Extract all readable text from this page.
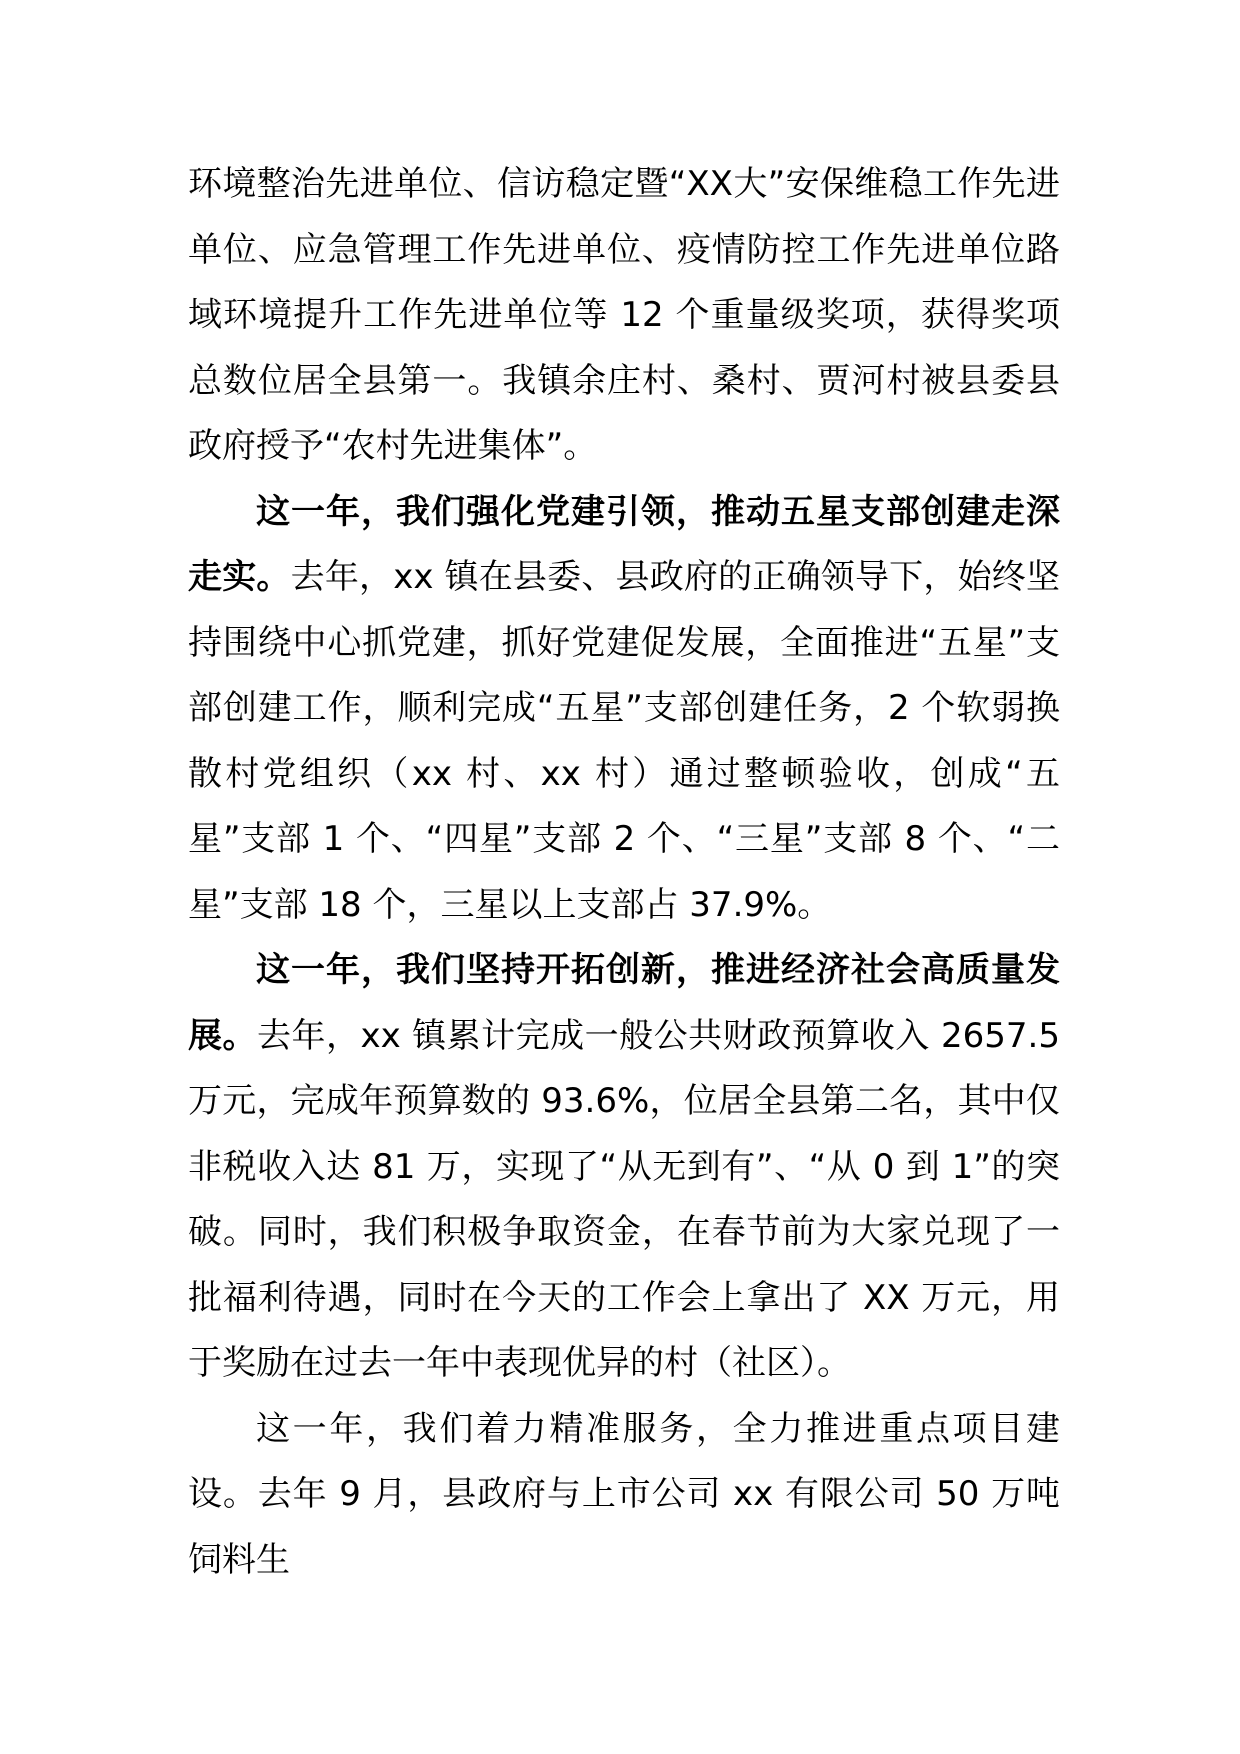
环境整治先进单位、信访稳定暨“XX大”安保维稳工作先进单位、应急管理工作先进单位、疫情防控工作先进单位路域环境提升工作先进单位等 12 个重量级奖项，获得奖项总数位居全县第一。我镇余庄村、桑村、贾河村被县委县政府授予“农村先进集体”。

这一年，我们强化党建引领，推动五星支部创建走深走实。去年，xx 镇在县委、县政府的正确领导下，始终坚持围绕中心抓党建，抓好党建促发展，全面推进“五星”支部创建工作，顺利完成“五星”支部创建任务，2 个软弱换散村党组织（xx 村、xx 村）通过整顿验收，创成“五星”支部 1 个、“四星”支部 2 个、“三星”支部 8 个、“二星”支部 18 个，三星以上支部占 37.9%。

这一年，我们坚持开拓创新，推进经济社会高质量发展。去年，xx 镇累计完成一般公共财政预算收入 2657.5 万元，完成年预算数的 93.6%，位居全县第二名，其中仅非税收入达 81 万，实现了“从无到有”、“从 0 到 1”的突破。同时，我们积极争取资金，在春节前为大家兑现了一批福利待遇，同时在今天的工作会上拿出了 XX 万元，用于奖励在过去一年中表现优异的村（社区）。

这一年，我们着力精准服务，全力推进重点项目建设。去年 9 月，县政府与上市公司 xx 有限公司 50 万吨饲料生
